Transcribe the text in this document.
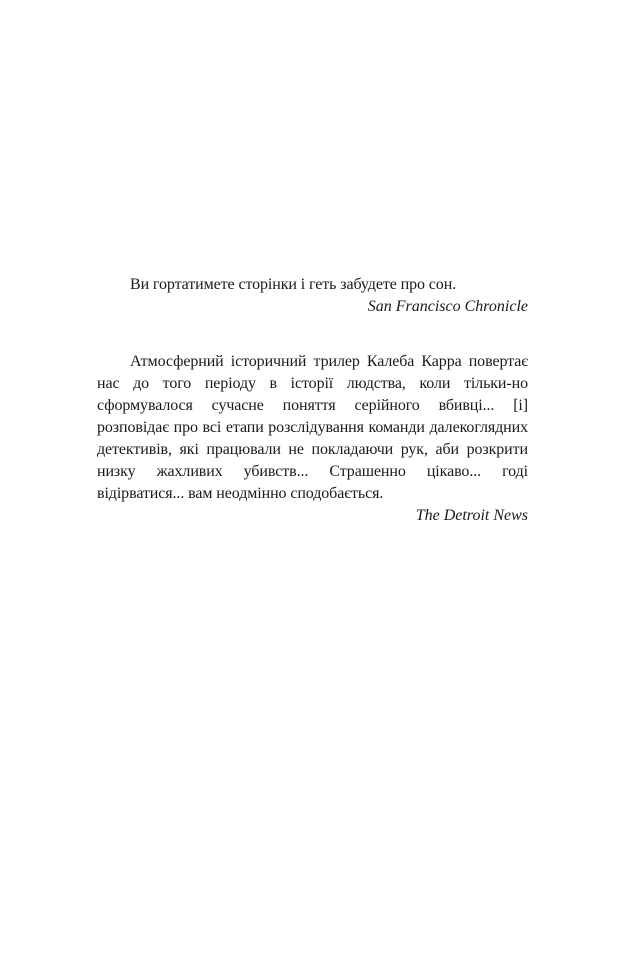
Ви гортатимете сторінки і геть забудете про сон.

San Francisco Chronicle

Атмосферний історичний трилер Калеба Карра повертає нас до того періоду в історії людства, коли тільки-но сформувалося сучасне поняття серійного вбивці... [і] розповідає про всі етапи розслідування команди далекоглядних детективів, які працювали не покладаючи рук, аби розкрити низку жахливих убивств... Страшенно цікаво... годі відірватися... вам неодмінно сподобається.

The Detroit News
